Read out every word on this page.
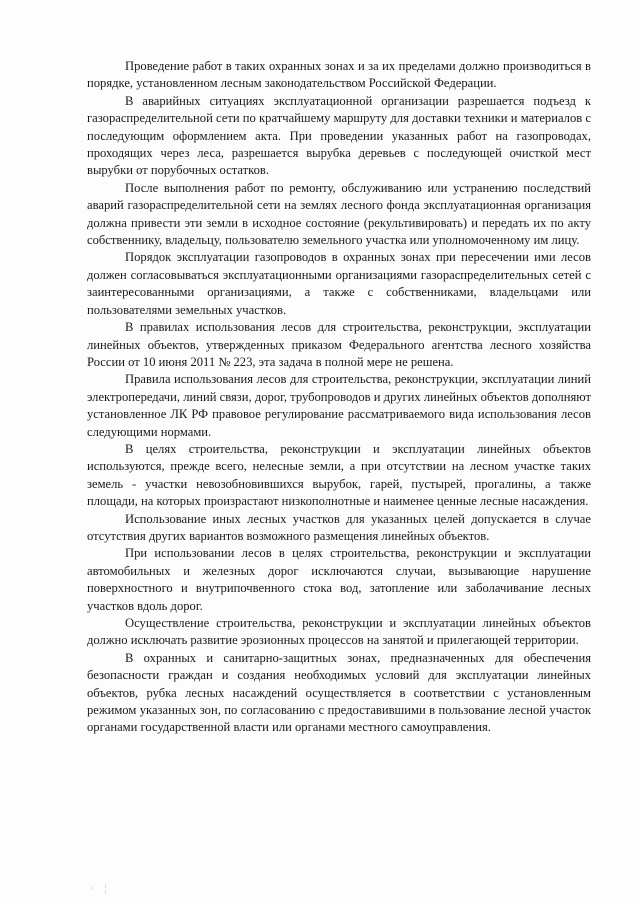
Проведение работ в таких охранных зонах и за их пределами должно производиться в порядке, установленном лесным законодательством Российской Федерации.

В аварийных ситуациях эксплуатационной организации разрешается подъезд к газораспределительной сети по кратчайшему маршруту для доставки техники и материалов с последующим оформлением акта. При проведении указанных работ на газопроводах, проходящих через леса, разрешается вырубка деревьев с последующей очисткой мест вырубки от порубочных остатков.

После выполнения работ по ремонту, обслуживанию или устранению последствий аварий газораспределительной сети на землях лесного фонда эксплуатационная организация должна привести эти земли в исходное состояние (рекультивировать) и передать их по акту собственнику, владельцу, пользователю земельного участка или уполномоченному им лицу.

Порядок эксплуатации газопроводов в охранных зонах при пересечении ими лесов должен согласовываться эксплуатационными организациями газораспределительных сетей с заинтересованными организациями, а также с собственниками, владельцами или пользователями земельных участков.

В правилах использования лесов для строительства, реконструкции, эксплуатации линейных объектов, утвержденных приказом Федерального агентства лесного хозяйства России от 10 июня 2011 № 223, эта задача в полной мере не решена.

Правила использования лесов для строительства, реконструкции, эксплуатации линий электропередачи, линий связи, дорог, трубопроводов и других линейных объектов дополняют установленное ЛК РФ правовое регулирование рассматриваемого вида использования лесов следующими нормами.

В целях строительства, реконструкции и эксплуатации линейных объектов используются, прежде всего, нелесные земли, а при отсутствии на лесном участке таких земель - участки невозобновившихся вырубок, гарей, пустырей, прогалины, а также площади, на которых произрастают низкополнотные и наименее ценные лесные насаждения.

Использование иных лесных участков для указанных целей допускается в случае отсутствия других вариантов возможного размещения линейных объектов.

При использовании лесов в целях строительства, реконструкции и эксплуатации автомобильных и железных дорог исключаются случаи, вызывающие нарушение поверхностного и внутрипочвенного стока вод, затопление или заболачивание лесных участков вдоль дорог.

Осуществление строительства, реконструкции и эксплуатации линейных объектов должно исключать развитие эрозионных процессов на занятой и прилегающей территории.

В охранных и санитарно-защитных зонах, предназначенных для обеспечения безопасности граждан и создания необходимых условий для эксплуатации линейных объектов, рубка лесных насаждений осуществляется в соответствии с установленным режимом указанных зон, по согласованию с предоставившими в пользование лесной участок органами государственной власти или органами местного самоуправления.

·      ¦
